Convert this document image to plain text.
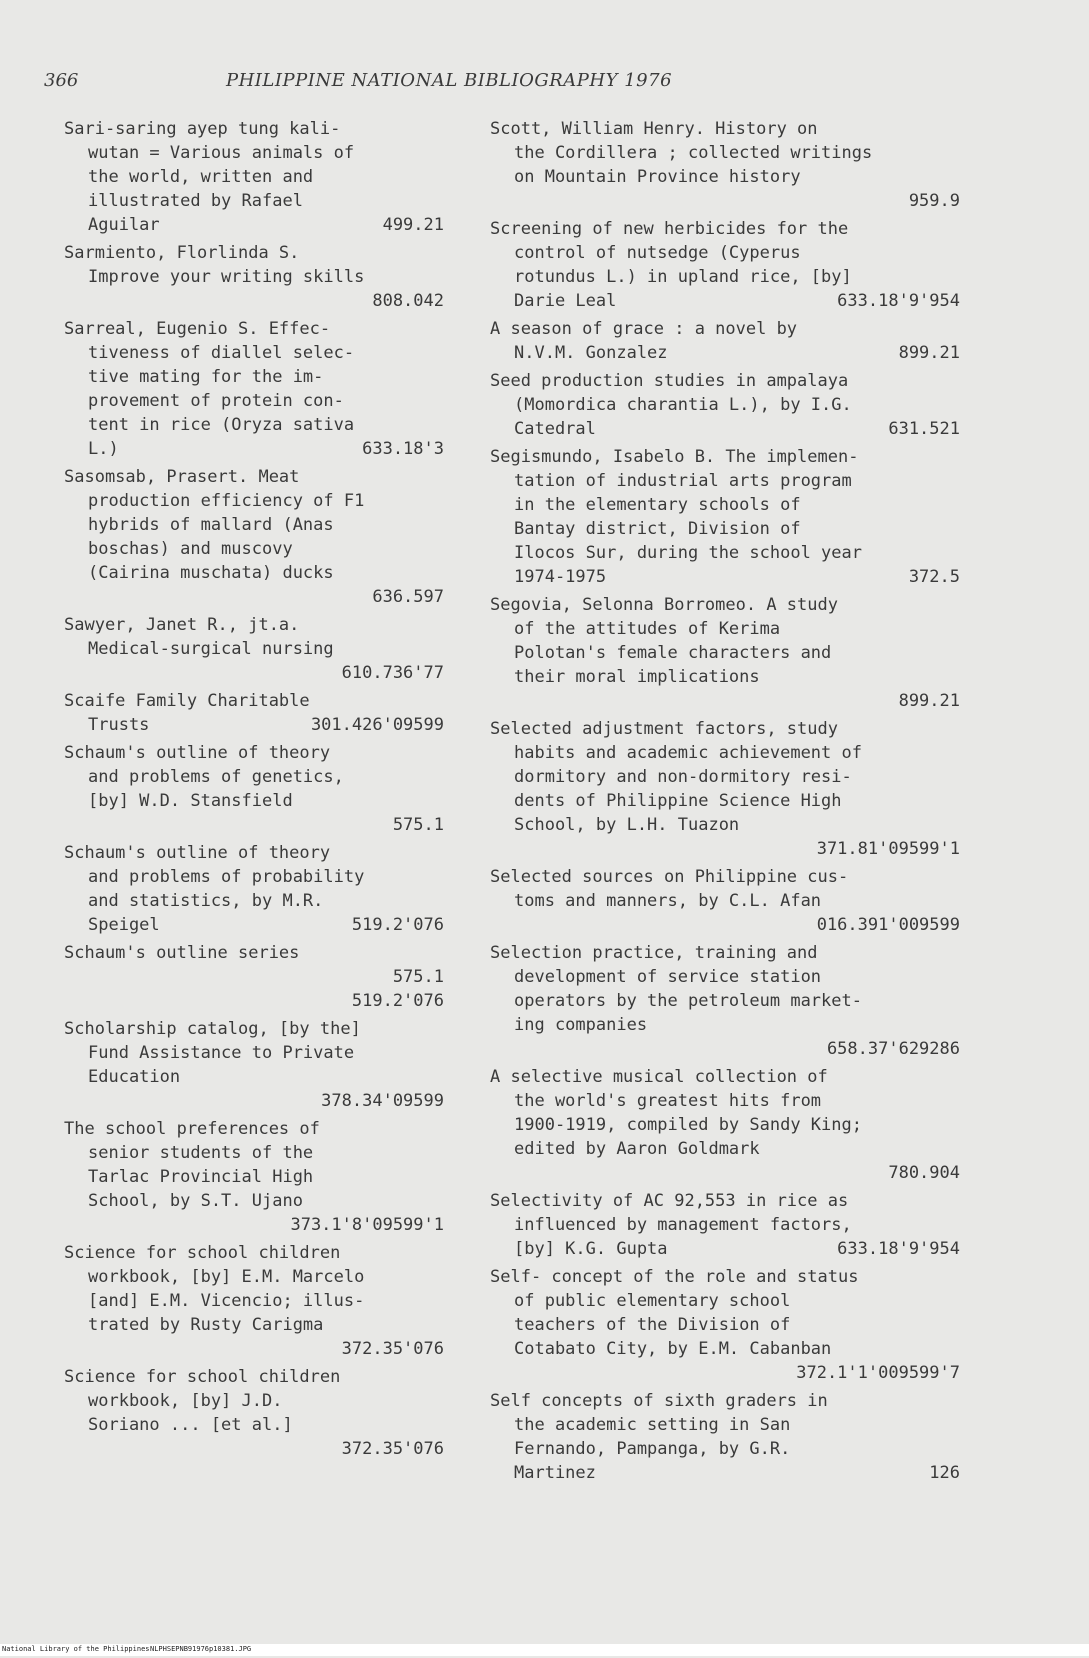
366	PHILIPPINE NATIONAL BIBLIOGRAPHY 1976
Sari-saring ayep tung kali-
wutan = Various animals of
the world, written and
illustrated by Rafael
Aguilar	499.21
Sarmiento, Florlinda S.
Improve your writing skills
808.042
Sarreal, Eugenio S. Effec-
tiveness of diallel selec-
tive mating for the im-
provement of protein con-
tent in rice (Oryza sativa
L.)	633.18'3
Sasomsab, Prasert. Meat
production efficiency of F1
hybrids of mallard (Anas
boschas) and muscovy
(Cairina muschata) ducks
636.597
Sawyer, Janet R., jt.a.
Medical-surgical nursing
610.736'77
Scaife Family Charitable
Trusts	301.426'09599
Schaum's outline of theory
and problems of genetics,
[by] W.D. Stansfield
575.1
Schaum's outline of theory
and problems of probability
and statistics, by M.R.
Speigel	519.2'076
Schaum's outline series
575.1
519.2'076
Scholarship catalog, [by the]
Fund Assistance to Private
Education
378.34'09599
The school preferences of
senior students of the
Tarlac Provincial High
School, by S.T. Ujano
373.1'8'09599'1
Science for school children
workbook, [by] E.M. Marcelo
[and] E.M. Vicencio; illus-
trated by Rusty Carigma
372.35'076
Science for school children
workbook, [by] J.D.
Soriano ... [et al.]
372.35'076
Scott, William Henry. History on
the Cordillera ; collected writings
on Mountain Province history
959.9
Screening of new herbicides for the
control of nutsedge (Cyperus
rotundus L.) in upland rice, [by]
Darie Leal	633.18'9'954
A season of grace : a novel by
N.V.M. Gonzalez	899.21
Seed production studies in ampalaya
(Momordica charantia L.), by I.G.
Catedral	631.521
Segismundo, Isabelo B. The implemen-
tation of industrial arts program
in the elementary schools of
Bantay district, Division of
Ilocos Sur, during the school year
1974-1975	372.5
Segovia, Selonna Borromeo. A study
of the attitudes of Kerima
Polotan's female characters and
their moral implications
899.21
Selected adjustment factors, study
habits and academic achievement of
dormitory and non-dormitory resi-
dents of Philippine Science High
School, by L.H. Tuazon
371.81'09599'1
Selected sources on Philippine cus-
toms and manners, by C.L. Afan
016.391'009599
Selection practice, training and
development of service station
operators by the petroleum market-
ing companies
658.37'629286
A selective musical collection of
the world's greatest hits from
1900-1919, compiled by Sandy King;
edited by Aaron Goldmark
780.904
Selectivity of AC 92,553 in rice as
influenced by management factors,
[by] K.G. Gupta	633.18'9'954
Self- concept of the role and status
of public elementary school
teachers of the Division of
Cotabato City, by E.M. Cabanban
372.1'1'009599'7
Self concepts of sixth graders in
the academic setting in San
Fernando, Pampanga, by G.R.
Martinez	126
National Library of the Philippines NLPHSEPNB91976p10381.JPG
